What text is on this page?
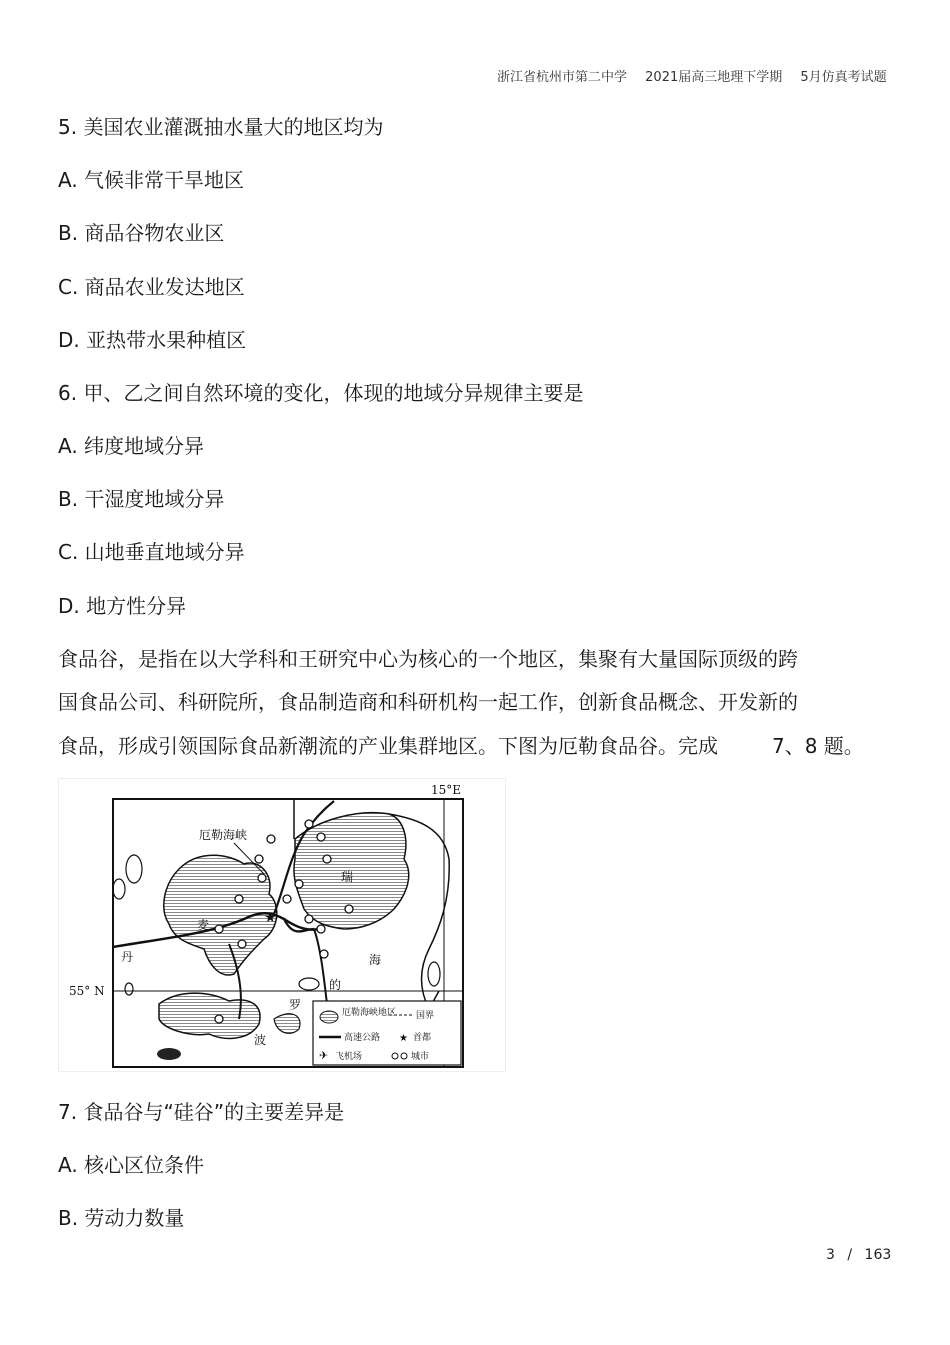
浙江省杭州市第二中学 2021届高三地理下学期 5月仿真考试题
5. 美国农业灌溉抽水量大的地区均为
A. 气候非常干旱地区
B. 商品谷物农业区
C. 商品农业发达地区
D. 亚热带水果种植区
6. 甲、乙之间自然环境的变化，体现的地域分异规律主要是
A. 纬度地域分异
B. 干湿度地域分异
C. 山地垂直地域分异
D. 地方性分异
食品谷，是指在以大学科和王研究中心为核心的一个地区，集聚有大量国际顶级的跨
国食品公司、科研院所，食品制造商和科研机构一起工作，创新食品概念、开发新的
食品，形成引领国际食品新潮流的产业集群地区。下图为厄勒食品谷。完成	7、8 题。
15°E
55° N
★
厄勒海峡
麦
丹
瑞
波
罗
的
海
厄勒海峡地区 国界
高速公路 ★ 首都
✈ 飞机场	城市
7. 食品谷与“硅谷”的主要差异是
A. 核心区位条件
B. 劳动力数量
3 / 163
